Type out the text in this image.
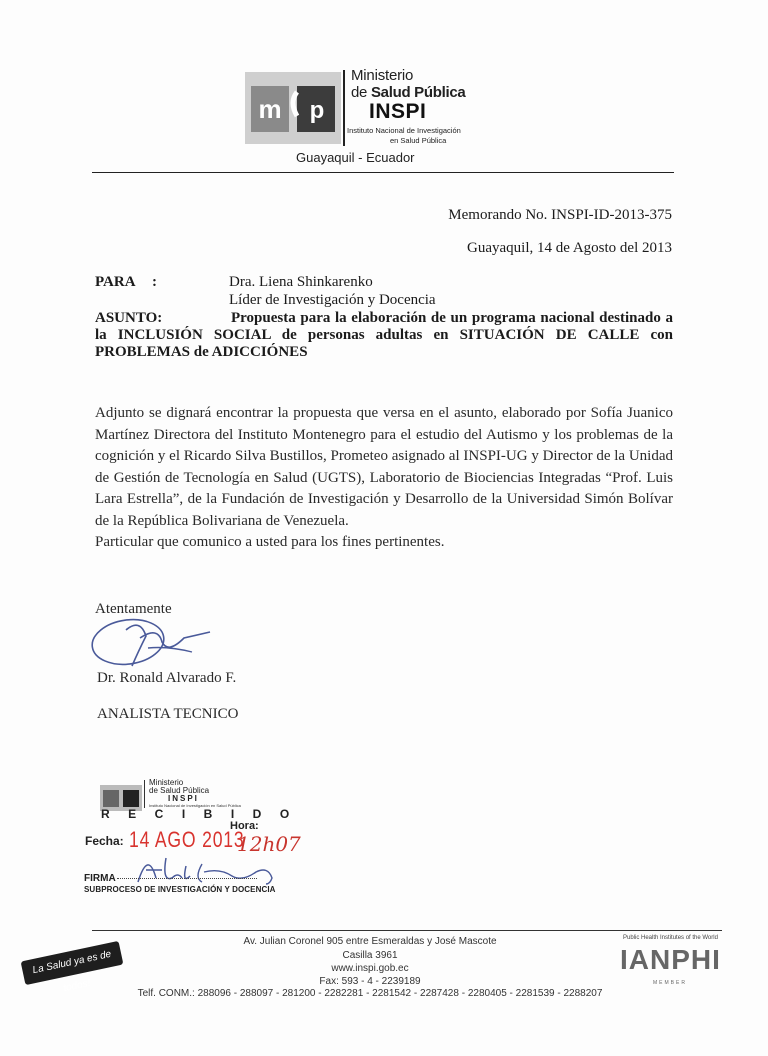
m p
Ministerio
de Salud Pública
INSPI
Instituto Nacional de Investigación
en Salud Pública
Guayaquil - Ecuador
Memorando No. INSPI-ID-2013-375
Guayaquil, 14 de Agosto del 2013
PARA :	Dra. Liena Shinkarenko
Líder de Investigación y Docencia
ASUNTO:	Propuesta para la elaboración de un programa nacional destinado a la INCLUSIÓN SOCIAL de personas adultas en SITUACIÓN DE CALLE con PROBLEMAS de ADICCIÓNES
Adjunto se dignará encontrar la propuesta que versa en el asunto, elaborado por Sofía Juanico Martínez Directora del Instituto Montenegro para el estudio del Autismo y los problemas de la cognición y el Ricardo Silva Bustillos, Prometeo asignado al INSPI-UG y Director de la Unidad de Gestión de Tecnología en Salud (UGTS), Laboratorio de Biociencias Integradas “Prof. Luis Lara Estrella”, de la Fundación de Investigación y Desarrollo de la Universidad Simón Bolívar de la República Bolivariana de Venezuela.
Particular que comunico a usted para los fines pertinentes.
Atentamente
Dr. Ronald Alvarado F.
ANALISTA TECNICO
Ministerio
de Salud Pública
INSPI
Instituto Nacional de Investigación en Salud Pública
RECIBIDO
Hora:
Fecha: 14 AGO 2013
12h07
FIRMA
SUBPROCESO DE INVESTIGACIÓN Y DOCENCIA
La Salud ya es de todos!
Av. Julian Coronel 905 entre Esmeraldas y José Mascote
Casilla 3961
www.inspi.gob.ec
Fax: 593 - 4 - 2239189
Telf. CONM.: 288096 - 288097 - 281200 - 2282281 - 2281542 - 2287428 - 2280405 - 2281539 - 2288207
Public Health Institutes of the World
IANPHI
MEMBER
